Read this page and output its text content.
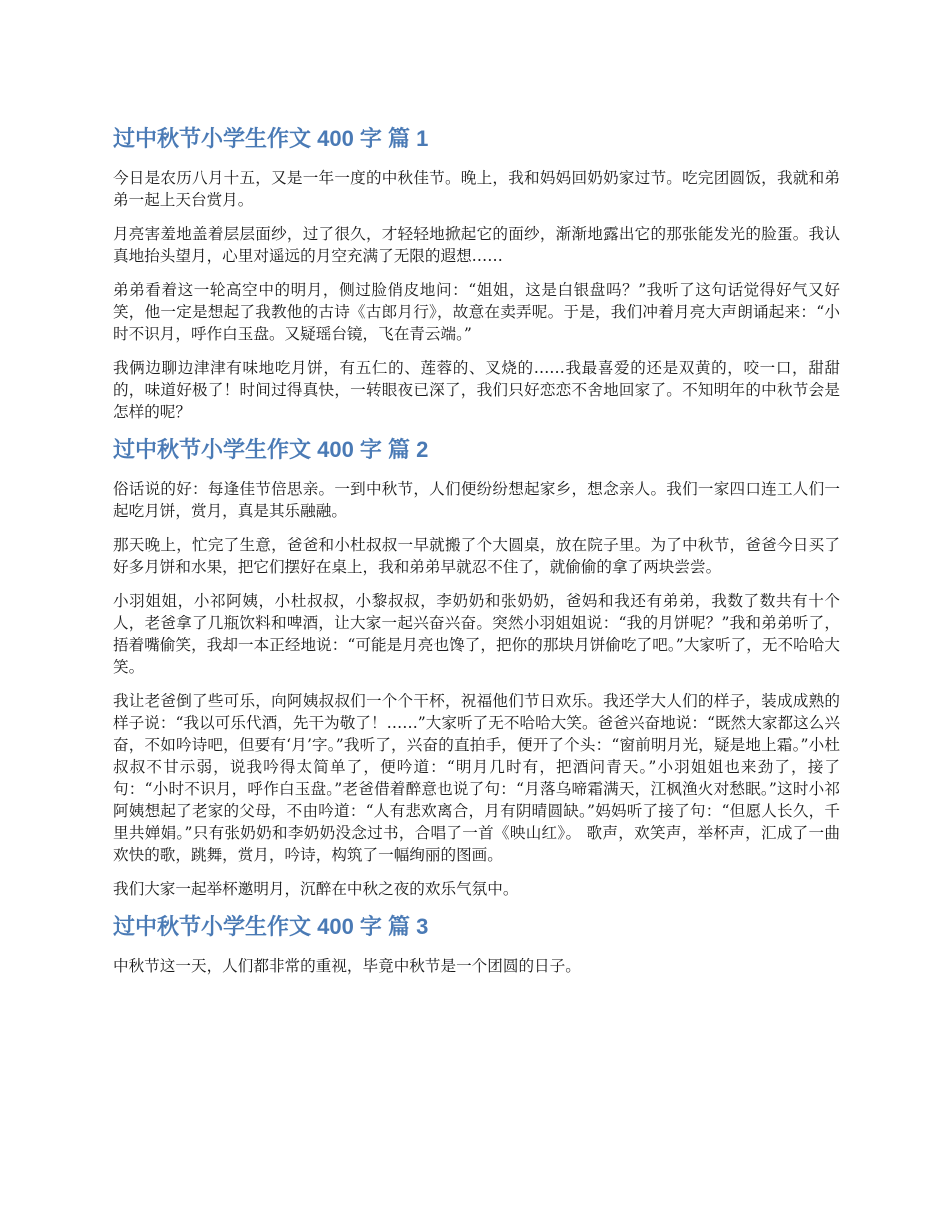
过中秋节小学生作文 400 字 篇 1

今日是农历八月十五，又是一年一度的中秋佳节。晚上，我和妈妈回奶奶家过节。吃完团圆饭，我就和弟弟一起上天台赏月。

月亮害羞地盖着层层面纱，过了很久，才轻轻地掀起它的面纱，渐渐地露出它的那张能发光的脸蛋。我认真地抬头望月，心里对遥远的月空充满了无限的遐想……

弟弟看着这一轮高空中的明月，侧过脸俏皮地问：“姐姐，这是白银盘吗？”我听了这句话觉得好气又好笑，他一定是想起了我教他的古诗《古郎月行》，故意在卖弄呢。于是，我们冲着月亮大声朗诵起来：“小时不识月，呼作白玉盘。又疑瑶台镜，飞在青云端。”

我俩边聊边津津有味地吃月饼，有五仁的、莲蓉的、叉烧的……我最喜爱的还是双黄的，咬一口，甜甜的，味道好极了！时间过得真快，一转眼夜已深了，我们只好恋恋不舍地回家了。不知明年的中秋节会是怎样的呢？

过中秋节小学生作文 400 字 篇 2

俗话说的好：每逢佳节倍思亲。一到中秋节，人们便纷纷想起家乡，想念亲人。我们一家四口连工人们一起吃月饼，赏月，真是其乐融融。

那天晚上，忙完了生意，爸爸和小杜叔叔一早就搬了个大圆桌，放在院子里。为了中秋节，爸爸今日买了好多月饼和水果，把它们摆好在桌上，我和弟弟早就忍不住了，就偷偷的拿了两块尝尝。

小羽姐姐，小祁阿姨，小杜叔叔，小黎叔叔，李奶奶和张奶奶，爸妈和我还有弟弟，我数了数共有十个人，老爸拿了几瓶饮料和啤酒，让大家一起兴奋兴奋。突然小羽姐姐说：“我的月饼呢？”我和弟弟听了，捂着嘴偷笑，我却一本正经地说：“可能是月亮也馋了，把你的那块月饼偷吃了吧。”大家听了，无不哈哈大笑。

我让老爸倒了些可乐，向阿姨叔叔们一个个干杯，祝福他们节日欢乐。我还学大人们的样子，装成成熟的样子说：“我以可乐代酒，先干为敬了！……”大家听了无不哈哈大笑。爸爸兴奋地说：“既然大家都这么兴奋，不如吟诗吧，但要有‘月’字。”我听了，兴奋的直拍手，便开了个头：“窗前明月光，疑是地上霜。”小杜叔叔不甘示弱，说我吟得太简单了，便吟道：“明月几时有，把酒问青天。”小羽姐姐也来劲了，接了句：“小时不识月，呼作白玉盘。”老爸借着醉意也说了句：“月落乌啼霜满天，江枫渔火对愁眠。”这时小祁阿姨想起了老家的父母，不由吟道：“人有悲欢离合，月有阴晴圆缺。”妈妈听了接了句：“但愿人长久，千里共婵娟。”只有张奶奶和李奶奶没念过书，合唱了一首《映山红》。 歌声，欢笑声，举杯声，汇成了一曲欢快的歌，跳舞，赏月，吟诗，构筑了一幅绚丽的图画。

我们大家一起举杯邀明月，沉醉在中秋之夜的欢乐气氛中。

过中秋节小学生作文 400 字 篇 3

中秋节这一天，人们都非常的重视，毕竟中秋节是一个团圆的日子。
